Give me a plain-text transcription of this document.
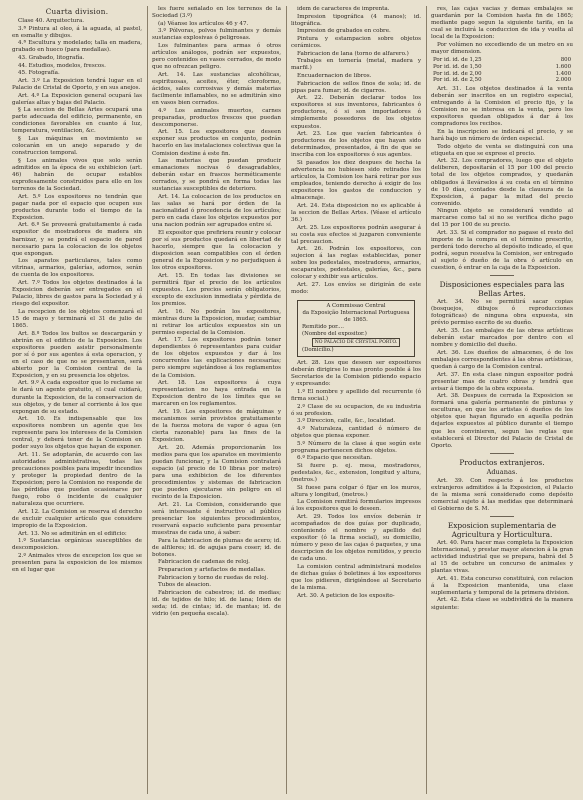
Cuarta division.
Clase 40. Arquitectura.
3.ª Pintura al oleo, á la aguada, al pastel, en esmalte y dibujos.
4.ª Escultura y modelado; talla en madera, grabado en hueco (para medallas).
43. Grabado, litografía.
44. Estudios, modelos, frescos.
45. Fotografía.
Art. 3.º La Exposicion tendrá lugar en el Palacio de Cristal de Oporto, y en sus anejos.
Art. 4.º La Exposicion general ocupará las galerías altas y bajas del Palacio.
§ La seccion de Bellas Artes ocupará una parte adecuada del edificio, permanente, en condiciones favorables en cuanto á luz, temperatura, ventilacion, &c.
§ Las máquinas en movimiento se colocarán en un anejo separado y de construccion temporal.
§ Los animales vivos que solo serán admitidos en la época de su exhibicion (art. 46) habrán de ocupar establos exprofesamente construidos para ello en los terrenos de la Sociedad.
Art. 5.º Los expositores no tendrán que pagar nada por el espacio que ocupen sus productos durante todo el tiempo de la Exposicion.
Art. 6.º Se proveerá gratuitamente á cada expositor de mostradores de madera sin barnizar, y se pondrá el espacio de pared necesario para la colocacion de los objetos que expongan.
Los aparatos particulares, tales como vitrinas, armarios, galerías, adornos, serán de cuenta de los expositores.
Art. 7.º Todos los objetos destinados á la Exposicion deberán ser entregados en el Palacio, libres de gastos para la Sociedad y á riesgo del expositor.
La recepcion de los objetos comenzará el 15 de mayo y terminará el 31 de julio de 1865.
Art. 8.º Todos los bultos se descargarán y abrirán en el edificio de la Exposicion. Los expositores pueden asistir personalmente por sí ó por sus agentes á esta operacion, y en el caso de que no se presentaren, será abierto por la Comision central de la Exposicion, y en su presencia los objetos.
Art. 9.º Á cada expositor que lo reclame se le dará un agente gratuito, el cual cuidará, durante la Exposicion, de la conservacion de sus objetos, y de tener al corriente á los que expongan de su estado.
Art. 10. Es indispensable que los expositores nombren un agente que les represente para los intereses de la Comision central, y deberá tener de la Comision en poder suyo los objetos que hayan de exponer.
Art. 11. Se adoptarán, de acuerdo con las autoridades administrativas, todas las precauciones posibles para impedir incendios y proteger la propiedad dentro de la Exposicion; pero la Comision no responde de las pérdidas que puedan ocasionarse por fuego, robo ó incidente de cualquier naturaleza que ocurriere.
Art. 12. La Comision se reserva el derecho de excluir cualquier artículo que considere impropio de la Exposicion.
Art. 13. No se admitirán en el edificio:
1.º Sustancias orgánicas susceptibles de descomposicion.
2.º Animales vivos de excepcion los que se presenten para la exposicion de los mismos en el lugar que
les fuere señalado en los terrenos de la Sociedad (3.º)
(a) Véanse los artículos 46 y 47.
3.º Pólvoras, polvos fulminantes y demás sustancias explosivas ó peligrosas.
Los fulminantes para armas ó otros artículos análogos, podrán ser expuestos, pero contenidos en vasos cerrados, de modo que no ofrezcan peligro.
Art. 14. Las sustancias alcohólicas, espirituosas, aceites, éter, cloroformo, ácidos, sales corrosivas y demás materias facilmente inflamables, no se admitirán sino en vasos bien cerrados.
4.º Los animales muertos, carnes preparadas, productos frescos que puedan descomponerse.
Art. 15. Los expositores que deseen exponer sus productos en conjunto, podrán hacerlo en las instalaciones colectivas que la Comision destine á este fin.
Las materias que puedan producir emanaciones nocivas ó desagradables, deberán estar en frascos herméticamente cerrados, y se pondrá en forma todas las sustancias susceptibles de deterioro.
Art. 14. La colocacion de los productos en las salas se hará por órden de la nacionalidad ó procedencia de los artículos; pero en cada clase los objetos expuestos por una nacion podrán ser agrupados entre sí.
El expositor que prefiriera reunir y colocar por sí sus productos quedará en libertad de hacerlo, siempre que la colocacion y disposicion sean compatibles con el órden general de la Exposicion y no perjudiquen á los otros expositores.
Art. 15. En todas las divisiones se permitirá fijar el precio de los artículos expuestos. Los precios serán obligatorios, excepto de exclusion inmediata y pérdida de los premios.
Art. 16. No podrán los expositores, mientras dure la Exposicion, mudar, cambiar ni retirar los artículos expuestos sin un permiso especial de la Comision.
Art. 17. Los expositores podrán tener dependientes ó representantes para cuidar de los objetos expuestos y dar á los concurrentes las explicaciones necesarias; pero siempre sujetándose á los reglamentos de la Comision.
Art. 18. Los expositores á cuya representacion no haya entrada en la Exposicion dentro de los límites que se marcaren en los reglamentos.
Art. 19. Los expositores de máquinas y mecanismos serán provistos gratuitamente de la fuerza motora de vapor ó agua (en cierta razonable) para las fines de la Exposicion.
Art. 20. Además proporcionarán los medios para que los aparatos en movimiento puedan funcionar, y la Comision contratará espacio (al precio de 10 libras por metro) para una exhibicion de los diferentes procedimientos y sistemas de fabricacion que pueden ejecutarse sin peligro en el recinto de la Exposicion.
Art. 21. La Comision, considerando que será interesante é instructivo al público presenciar los siguientes procedimientos, reservará espacio suficiente para presentar muestras de cada uno, á saber:
Para la fabricacion de plumas de acero; id. de alfileres; id. de agujas para coser; id. de botones.
Fabricacion de cadenas de reloj.
Preparacion y artefactos de medallas.
Fabricacion y torno de ruedas de reloj.
Tubos de aleacion.
Fabricacion de cabestros; id. de medias; id. de tejidos de hilo; id. de lana; Idem de seda; id. de cintas; id. de mantas; id. de vidrio (en pequeña escala).
ídem de caracteres de imprenta.
Impresion tipográfica (4 manos); id. litográfica.
Impresion de grabados en cobre.
Pintura y estampacion sobre objetos cerámicos.
Fabricacion de lana (torno de alfarero.)
Trabajos en tornería (metal, madera y marfil.)
Encuadernacion de libros.
Fabricacion de sellos finos de sola; id. de pipas para fumar; id. de cigarros.
Art. 22. Deberán declarar todos los expositores si sus inventores, fabricantes ó productores, ó si son importadores ó simplemente poseedores de los objetos expuestos.
Art. 23. Los que vacíen fabricantes ó productores de los objetos que hayan sido determinados, presentados, á fin de que se inscriba con los expositores ó sus agentes.
Si pasados los diez despues de hecha la advertencia no hubiesen sido retirados los artículos, la Comision los hará retirar por sus empleados, teniendo derecho á exigir de los expositores los gastos de conduccion y almacenaje.
Art. 24. Esta disposicion no es aplicable á la seccion de Bellas Artes. (Véase el artículo 36.)
Art. 25. Los expositores podrán asegurar á su costa sus efectos si juzgaren conveniente tal precaucion.
Art. 26. Podrán los expositores, con sujecion á las reglas establecidas, poner sobre los pedestales, mostradores, armarios, escaparates, pedestales, galerías, &c., para colocar y exhibir sus artículos.
Art. 27. Los envíos se dirigirán de este modo:
A Commissao Central
da Exposição Internacional Portuguesa de 1865.
Remitido por....
(Nombre del expositor.)
NO PALACIO DE CRYSTAL PORTO.
(Domicilio.)
Art. 28. Los que deseen ser expositores deberán dirigirse lo mas pronto posible á los Secretarios de la Comision pidiendo espacio y expresando:
1.º El nombre y apellido del recurrente (ó firma social.)
2.º Clase de su ocupacion, de su industria ó su profesion.
3.º Direccion, calle, &c., localidad.
4.º Naturaleza, cantidad ó número de objetos que piensa exponer.
5.º Número de la clase á que según este programa pertenecen dichos objetos.
6.º Espacio que necesitan.
Si fuere p. ej. mesa, mostradores, pedestales, &c., extension, longitud y altura, (metros.)
Si fuese para colgar ó fijar en los muros, altura y longitud, (metros.)
La Comision remitirá formularios impresos á los expositores que lo deseen.
Art. 29. Todos los envíos deberán ir acompañados de dos guías por duplicado, conteniendo el nombre y apellido del expositor (ó la firma social), su domicilio, número y peso de las cajas ó paquetes, y una descripcion de los objetos remitidos, y precio de cada uno.
La comision central administrará modelos de dichas guías ó boletines á los expositores que los pidieren, dirigiéndose al Secretario de la misma.
Art. 30. A peticion de los exposito-
res, las cajas vacías y demas embalajes se guardarán por la Comision hasta fin de 1865; mediante pago segun la siguiente tarifa, en la cual se incluirá la conduccion de ida y vuelta al local de la Exposicion:
Por volúmen no excediendo de un metro en su mayor dimension.
Por id. id. de 1,25	800
Por id. id. de 1,50	1.600
Por id. id. de 2,00	1.400
Por id. id. de 2,50	2.000
Art. 31. Los objetos destinados á la venta deberán ser inscritos en un registro especial, entregando á la Comision el precio fijo, y la Comision no se interesa en la venta, pero los expositores quedan obligados á dar á los compradores los recibos.
En la inscripcion se indicará el precio, y se hará bajo un número de órden especial.
Todo objeto de venta se distinguirá con una etiqueta en que se exprese el precio.
Art. 32. Los compradores, luego que el objeto deliberen, depositarán el 15 por 100 del precio total de los objetos comprados, y quedarán obligados á llevárselos á su costa en el término de 10 días, contados desde la clausura de la Exposicion, á pagar la mitad del precio convenido.
Ningun objeto se considerará vendido al marcarse como tal si no se verifica dicho pago del 15 por 100 de su precio.
Art. 33. Si el comprador no pagase el resto del importe de la compra en el término prescrito, perderá todo derecho al depósito indicado, el que podrá, segun resuelva la Comision, ser entregado al sujeto ó dueño de la obra ó artículo en cuestion, ó entrar en la caja de la Exposicion.
Disposiciones especiales para las Bellas Artes.
Art. 34. No se permitirá sacar copias (bosquejos, dibujos ó reproducciones fotográficas) de ninguna obra expuesta, sin prévio permiso escrito de su dueño.
Art. 35. Los embalajes de las obras artísticas deberán estar marcados por dentro con el nombre y domicilio del dueño.
Art. 36. Los dueños de almacenes, ó de los embalajes correspondientes á las obras artísticas, quedan á cargo de la Comision central.
Art. 37. En esta clase ningun expositor podrá presentar mas de cuatro obras y tendrá que avisar á tiempo de la obra expuesta.
Art. 38. Despues de cerrada la Exposicion se formará una galería permanente de pinturas y esculturas, en que los artistas ó dueños de los objetos que hayan figurado en aquella podrán dejarlos expuestos al público durante el tiempo que les convinieren, segun las reglas que establecerá el Director del Palacio de Cristal de Oporto.
Productos extranjeros.
Aduanas.
Art. 39. Con respecto á los productos extranjeros admitidos á la Exposicion, el Palacio de la misma será considerado como depósito comercial sujeto á las medidas que determinará el Gobierno de S. M.
Exposicion suplementaria de Agricultura y Horticultura.
Art. 40. Para hacer mas completa la Exposicion Internacional, y prestar mayor atencion á la gran actividad industrial que se prepara, habrá del 5 al 15 de octubre un concurso de animales y plantas vivas.
Art. 41. Esta concurso constituirá, con relacion á la Exposicion mantenida, una clase suplementaria y temporal de la primera division.
Art. 42. Esta clase se subdividirá de la manera siguiente:
